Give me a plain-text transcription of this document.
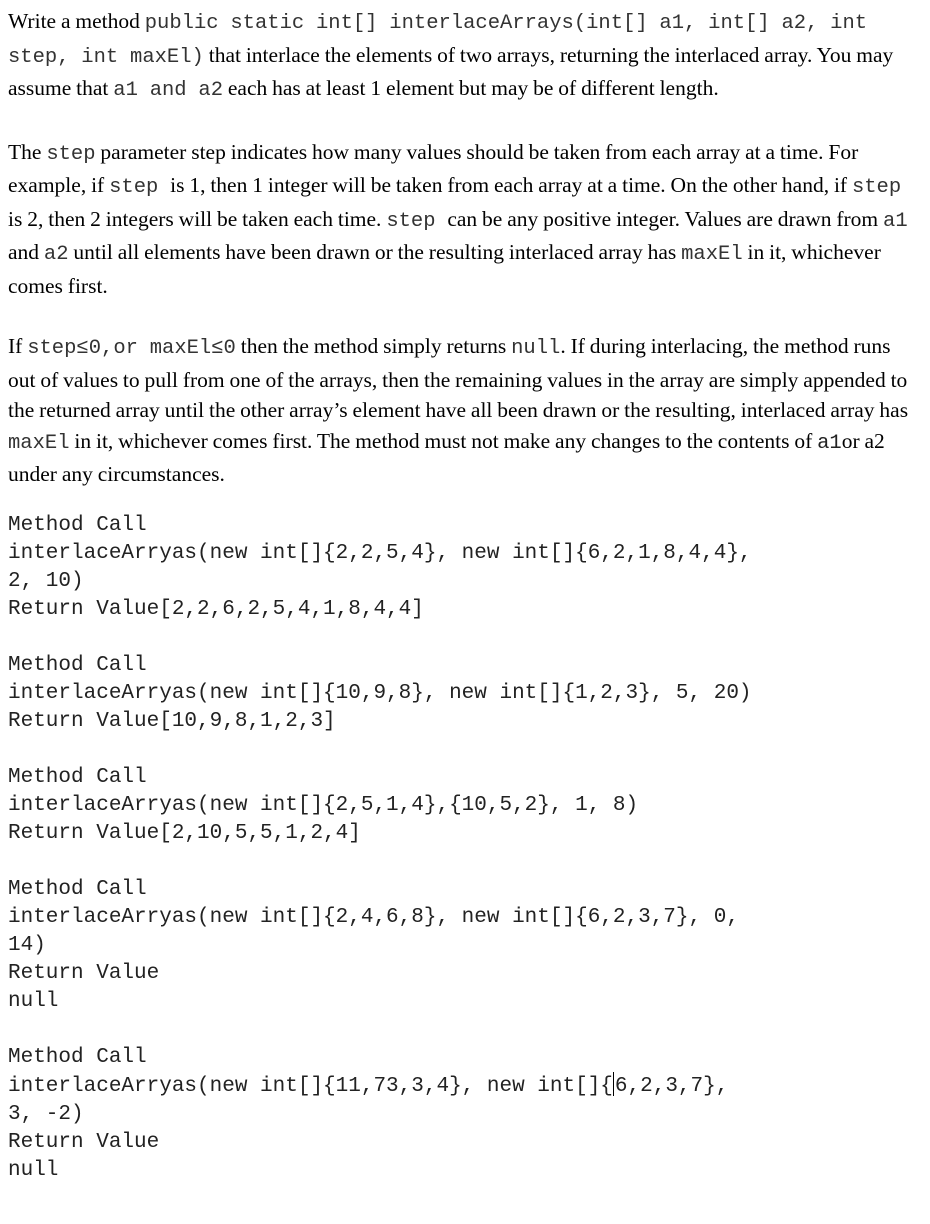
Write a method public static int[] interlaceArrays(int[] a1, int[] a2, int step, int maxEl) that interlace the elements of two arrays, returning the interlaced array. You may assume that a1 and a2 each has at least 1 element but may be of different length.

The step parameter step indicates how many values should be taken from each array at a time. For example, if step is 1, then 1 integer will be taken from each array at a time. On the other hand, if step is 2, then 2 integers will be taken each time. step can be any positive integer. Values are drawn from a1 and a2 until all elements have been drawn or the resulting interlaced array has maxEl in it, whichever comes first.

If step≤0,or maxEl≤0 then the method simply returns null. If during interlacing, the method runs out of values to pull from one of the arrays, then the remaining values in the array are simply appended to the returned array until the other array’s element have all been drawn or the resulting, interlaced array has maxEl in it, whichever comes first. The method must not make any changes to the contents of a1or a2 under any circumstances.

Method Call
interlaceArryas(new int[]{2,2,5,4}, new int[]{6,2,1,8,4,4},
2, 10)
Return Value[2,2,6,2,5,4,1,8,4,4]
Method Call
interlaceArryas(new int[]{10,9,8}, new int[]{1,2,3}, 5, 20)
Return Value[10,9,8,1,2,3]
Method Call
interlaceArryas(new int[]{2,5,1,4},{10,5,2}, 1, 8)
Return Value[2,10,5,5,1,2,4]
Method Call
interlaceArryas(new int[]{2,4,6,8}, new int[]{6,2,3,7}, 0,
14)
Return Value
null
Method Call
interlaceArryas(new int[]{11,73,3,4}, new int[]{6,2,3,7},
3, -2)
Return Value
null
